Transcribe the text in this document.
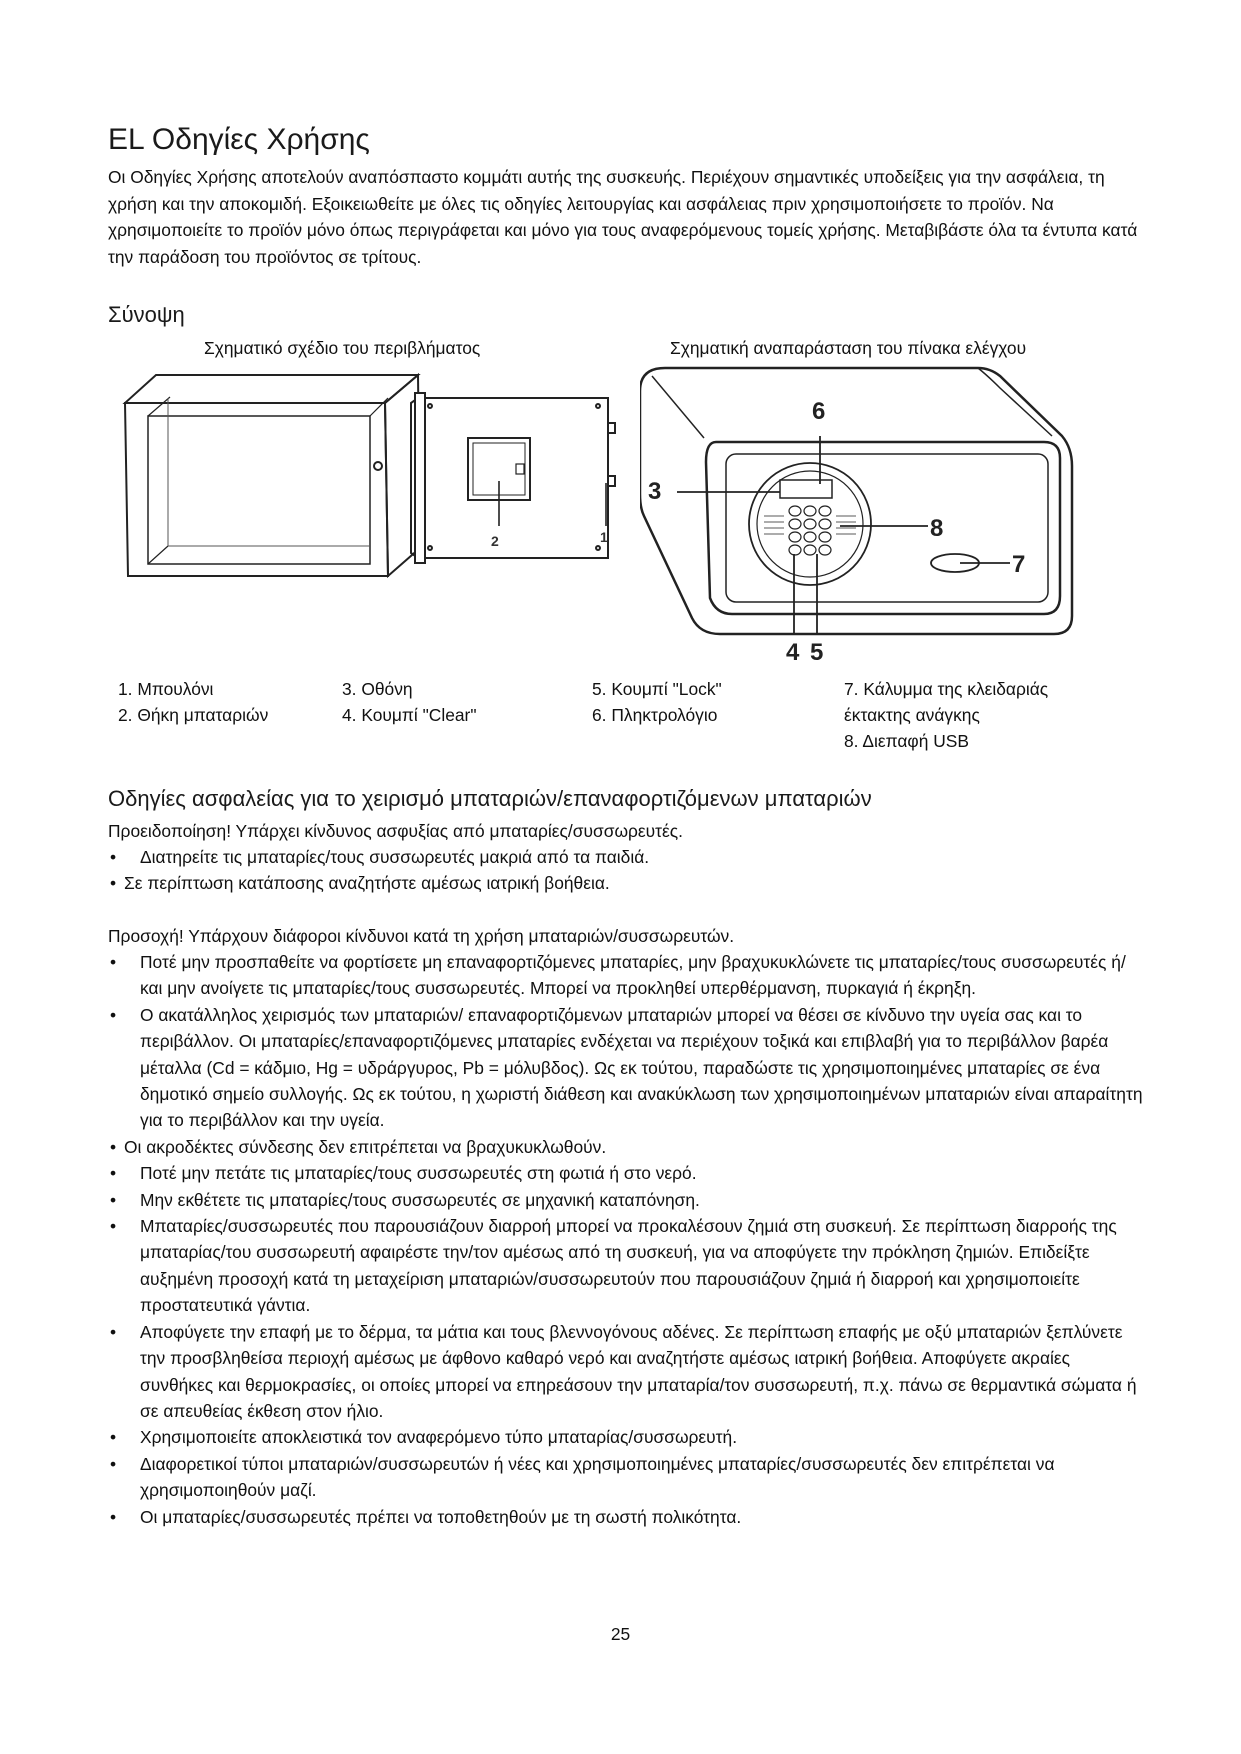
EL Οδηγίες Χρήσης

Οι Οδηγίες Χρήσης αποτελούν αναπόσπαστο κομμάτι αυτής της συσκευής. Περιέχουν σημαντικές υποδείξεις για την ασφάλεια, τη χρήση και την αποκομιδή. Εξοικειωθείτε με όλες τις οδηγίες λειτουργίας και ασφάλειας πριν χρησιμοποιήσετε το προϊόν. Να χρησιμοποιείτε το προϊόν μόνο όπως περιγράφεται και μόνο για τους αναφερόμενους τομείς χρήσης. Μεταβιβάστε όλα τα έντυπα κατά την παράδοση του προϊόντος σε τρίτους.

Σύνοψη
Σχηματικό σχέδιο του περιβλήματος	Σχηματική αναπαράσταση του πίνακα ελέγχου
2	1
3
6
8
7
4 5
1. Μπουλόνι
2. Θήκη μπαταριών
3. Οθόνη
4. Κουμπί "Clear"
5. Κουμπί "Lock"
6. Πληκτρολόγιο
7. Κάλυμμα της κλειδαριάς
έκτακτης ανάγκης
8. Διεπαφή USB
Οδηγίες ασφαλείας για το χειρισμό μπαταριών/επαναφορτιζόμενων μπαταριών

Προειδοποίηση! Υπάρχει κίνδυνος ασφυξίας από μπαταρίες/συσσωρευτές.

• Διατηρείτε τις μπαταρίες/τους συσσωρευτές μακριά από τα παιδιά.
• Σε περίπτωση κατάποσης αναζητήστε αμέσως ιατρική βοήθεια.

Προσοχή! Υπάρχουν διάφοροι κίνδυνοι κατά τη χρήση μπαταριών/συσσωρευτών.

• Ποτέ μην προσπαθείτε να φορτίσετε μη επαναφορτιζόμενες μπαταρίες, μην βραχυκυκλώνετε τις μπαταρίες/τους συσσωρευτές ή/και μην ανοίγετε τις μπαταρίες/τους συσσωρευτές. Μπορεί να προκληθεί υπερθέρμανση, πυρκαγιά ή έκρηξη.
• Ο ακατάλληλος χειρισμός των μπαταριών/ επαναφορτιζόμενων μπαταριών μπορεί να θέσει σε κίνδυνο την υγεία σας και το περιβάλλον. Οι μπαταρίες/επαναφορτιζόμενες μπαταρίες ενδέχεται να περιέχουν τοξικά και επιβλαβή για το περιβάλλον βαρέα μέταλλα (Cd = κάδμιο, Hg = υδράργυρος, Pb = μόλυβδος). Ως εκ τούτου, παραδώστε τις χρησιμοποιημένες μπαταρίες σε ένα δημοτικό σημείο συλλογής. Ως εκ τούτου, η χωριστή διάθεση και ανακύκλωση των χρησιμοποιημένων μπαταριών είναι απαραίτητη για το περιβάλλον και την υγεία.
• Οι ακροδέκτες σύνδεσης δεν επιτρέπεται να βραχυκυκλωθούν.
• Ποτέ μην πετάτε τις μπαταρίες/τους συσσωρευτές στη φωτιά ή στο νερό.
• Μην εκθέτετε τις μπαταρίες/τους συσσωρευτές σε μηχανική καταπόνηση.
• Μπαταρίες/συσσωρευτές που παρουσιάζουν διαρροή μπορεί να προκαλέσουν ζημιά στη συσκευή. Σε περίπτωση διαρροής της μπαταρίας/του συσσωρευτή αφαιρέστε την/τον αμέσως από τη συσκευή, για να αποφύγετε την πρόκληση ζημιών. Επιδείξτε αυξημένη προσοχή κατά τη μεταχείριση μπαταριών/συσσωρευτούν που παρουσιάζουν ζημιά ή διαρροή και χρησιμοποιείτε προστατευτικά γάντια.
• Αποφύγετε την επαφή με το δέρμα, τα μάτια και τους βλεννογόνους αδένες. Σε περίπτωση επαφής με οξύ μπαταριών ξεπλύνετε την προσβληθείσα περιοχή αμέσως με άφθονο καθαρό νερό και αναζητήστε αμέσως ιατρική βοήθεια. Αποφύγετε ακραίες συνθήκες και θερμοκρασίες, οι οποίες μπορεί να επηρεάσουν την μπαταρία/τον συσσωρευτή, π.χ. πάνω σε θερμαντικά σώματα ή σε απευθείας έκθεση στον ήλιο.
• Χρησιμοποιείτε αποκλειστικά τον αναφερόμενο τύπο μπαταρίας/συσσωρευτή.
• Διαφορετικοί τύποι μπαταριών/συσσωρευτών ή νέες και χρησιμοποιημένες μπαταρίες/συσσωρευτές δεν επιτρέπεται να χρησιμοποιηθούν μαζί.
• Οι μπαταρίες/συσσωρευτές πρέπει να τοποθετηθούν με τη σωστή πολικότητα.
25
